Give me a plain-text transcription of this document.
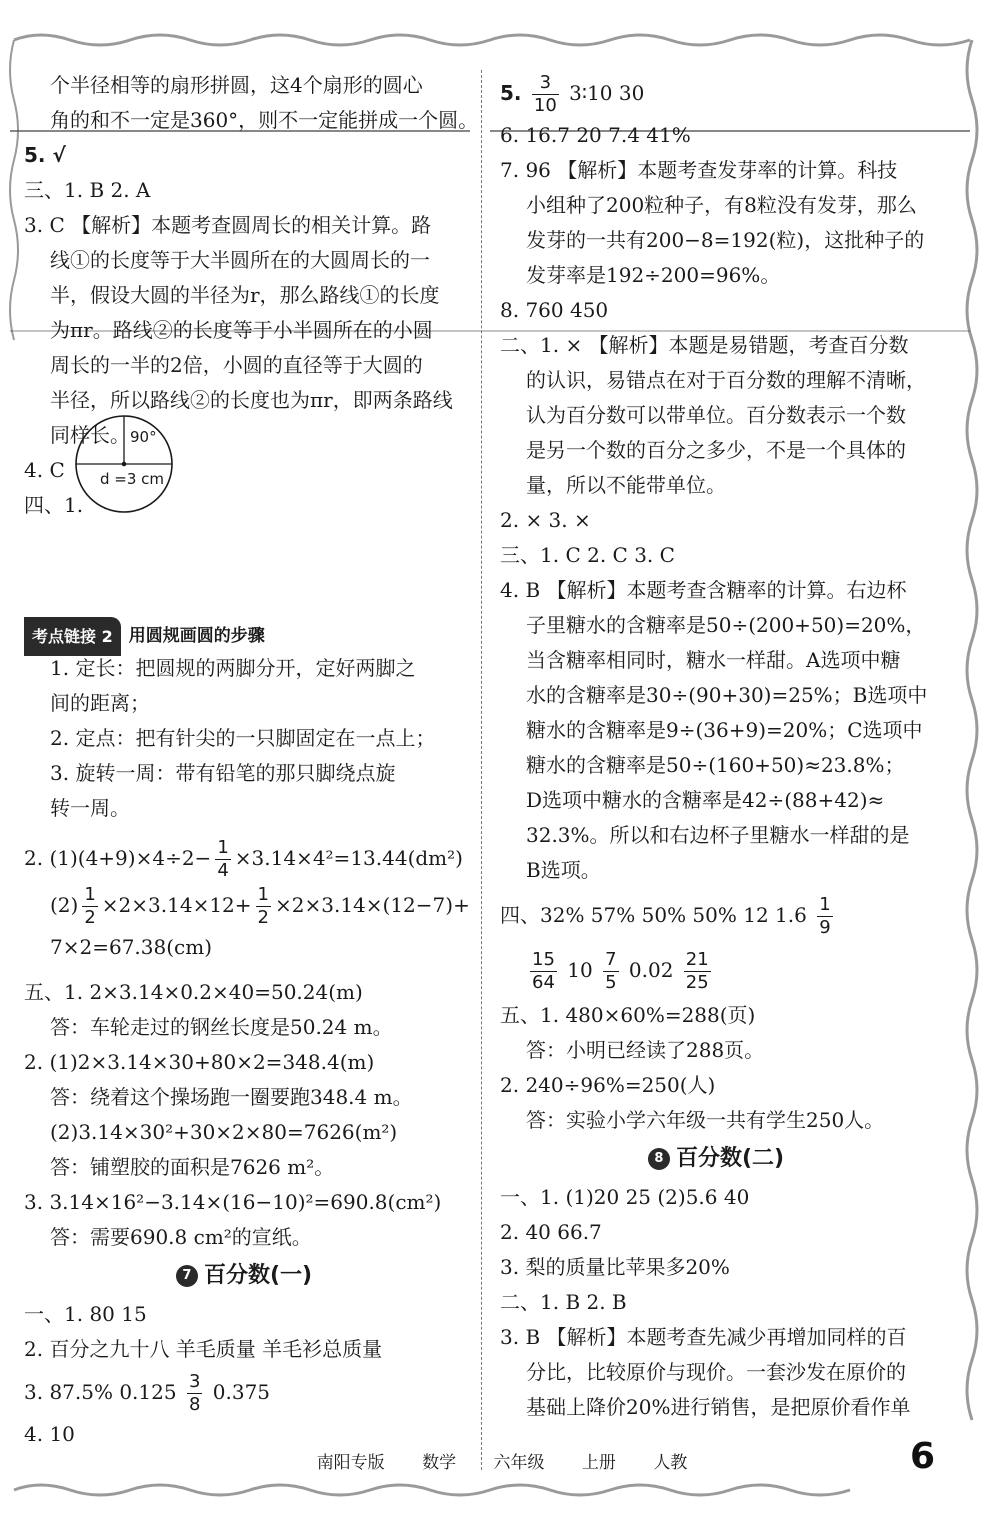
个半径相等的扇形拼圆，这4个扇形的圆心
角的和不一定是360°，则不一定能拼成一个圆。
5. √
三、1. B 2. A
3. C 【解析】本题考查圆周长的相关计算。路
线①的长度等于大半圆所在的大圆周长的一
半，假设大圆的半径为r，那么路线①的长度
为πr。路线②的长度等于小半圆所在的小圆
周长的一半的2倍，小圆的直径等于大圆的
半径，所以路线②的长度也为πr，即两条路线
同样长。
4. C
四、1.
考点链接 2 用圆规画圆的步骤
1. 定长：把圆规的两脚分开，定好两脚之
间的距离；
2. 定点：把有针尖的一只脚固定在一点上；
3. 旋转一周：带有铅笔的那只脚绕点旋
转一周。
2. $(1)(4+9)\times 4\div 2- \frac{1}{4} \times 3.14\times 4^2=13.44(dm^2)$
$(2) \frac{1}{2} \times 2\times 3.14\times 12+ \frac{1}{2} \times 2\times 3.14\times(12-7)+$
7×2=67.38(cm)
五、1. 2×3.14×0.2×40=50.24(m)
答：车轮走过的钢丝长度是50.24 m。
2. (1)2×3.14×30+80×2=348.4(m)
答：绕着这个操场跑一圈要跑348.4 m。
(2)3.14×30²+30×2×80=7626(m²)
答：铺塑胶的面积是7626 m²。
3. 3.14×16²−3.14×(16−10)²=690.8(cm²)
答：需要690.8 cm²的宣纸。
7 百分数(一)
一、1. 80 15
2. 百分之九十八 羊毛质量 羊毛衫总质量
3. 87.5% $0.125 \frac{3}{8} 0.375$
4. 10
90°
d =3 cm
5. $\frac{3}{10}$ 3∶10 30
6. 16.7 20 7.4 41%
7. 96 【解析】本题考查发芽率的计算。科技
小组种了200粒种子，有8粒没有发芽，那么
发芽的一共有200−8=192(粒)，这批种子的
发芽率是192÷200=96%。
8. 760 450
二、1. × 【解析】本题是易错题，考查百分数
的认识，易错点在对于百分数的理解不清晰，
认为百分数可以带单位。百分数表示一个数
是另一个数的百分之多少，不是一个具体的
量，所以不能带单位。
2. × 3. ×
三、1. C 2. C 3. C
4. B 【解析】本题考查含糖率的计算。右边杯
子里糖水的含糖率是50÷(200+50)=20%，
当含糖率相同时，糖水一样甜。A选项中糖
水的含糖率是30÷(90+30)=25%；B选项中
糖水的含糖率是9÷(36+9)=20%；C选项中
糖水的含糖率是50÷(160+50)≈23.8%；
D选项中糖水的含糖率是42÷(88+42)≈
32.3%。所以和右边杯子里糖水一样甜的是
B选项。
四、32% 57% 50% 50% 12 $1.6 \frac{1}{9}$
$\frac{15}{64} 10 \frac{7}{5} 0.02 \frac{21}{25}$
五、1. 480×60%=288(页)
答：小明已经读了288页。
2. 240÷96%=250(人)
答：实验小学六年级一共有学生250人。
8 百分数(二)
一、1. (1)20 25 (2)5.6 40
2. 40 66.7
3. 梨的质量比苹果多20%
二、1. B 2. B
3. B 【解析】本题考查先减少再增加同样的百
分比，比较原价与现价。一套沙发在原价的
基础上降价20%进行销售，是把原价看作单
南阳专版 数学 六年级 上册 人教	6
